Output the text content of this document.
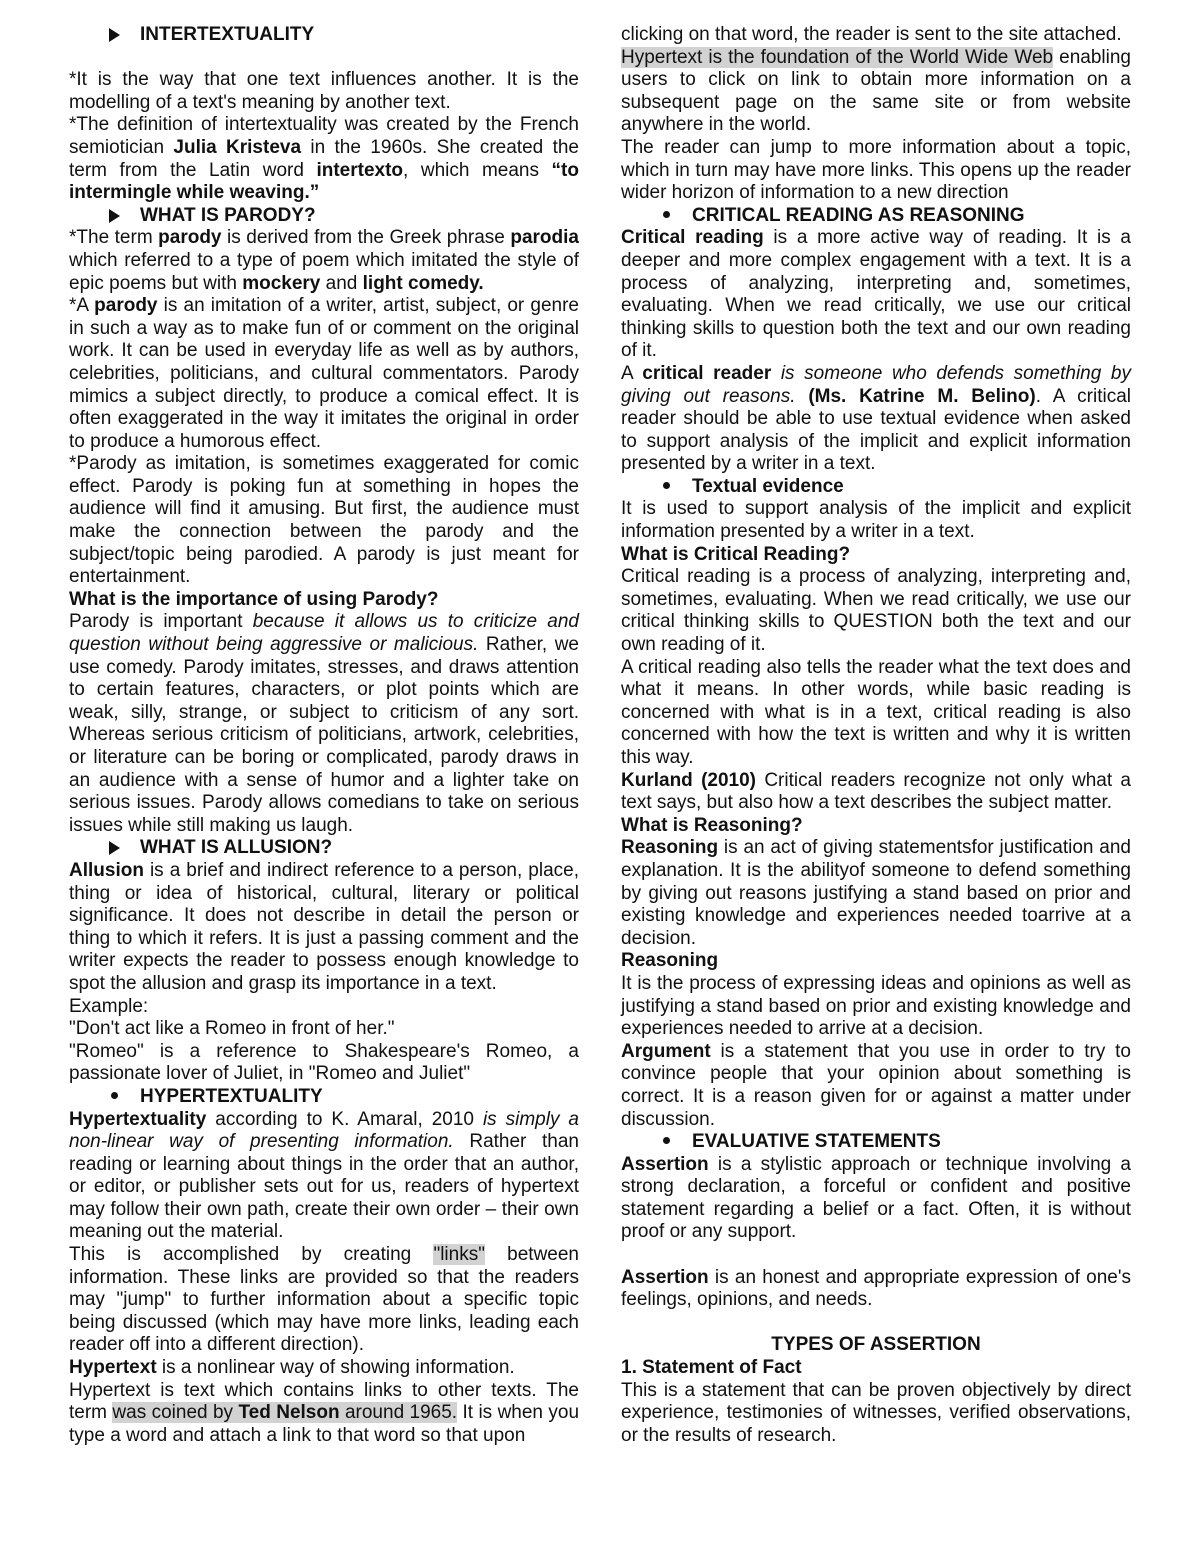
INTERTEXTUALITY

*It is the way that one text influences another. It is the modelling of a text's meaning by another text.

*The definition of intertextuality was created by the French semiotician Julia Kristeva in the 1960s. She created the term from the Latin word intertexto, which means “to intermingle while weaving.”

WHAT IS PARODY?

*The term parody is derived from the Greek phrase parodia which referred to a type of poem which imitated the style of epic poems but with mockery and light comedy.

*A parody is an imitation of a writer, artist, subject, or genre in such a way as to make fun of or comment on the original work. It can be used in everyday life as well as by authors, celebrities, politicians, and cultural commentators. Parody mimics a subject directly, to produce a comical effect. It is often exaggerated in the way it imitates the original in order to produce a humorous effect.

*Parody as imitation, is sometimes exaggerated for comic effect. Parody is poking fun at something in hopes the audience will find it amusing. But first, the audience must make the connection between the parody and the subject/topic being parodied. A parody is just meant for entertainment.

What is the importance of using Parody?

Parody is important because it allows us to criticize and question without being aggressive or malicious. Rather, we use comedy. Parody imitates, stresses, and draws attention to certain features, characters, or plot points which are weak, silly, strange, or subject to criticism of any sort. Whereas serious criticism of politicians, artwork, celebrities, or literature can be boring or complicated, parody draws in an audience with a sense of humor and a lighter take on serious issues. Parody allows comedians to take on serious issues while still making us laugh.

WHAT IS ALLUSION?

Allusion is a brief and indirect reference to a person, place, thing or idea of historical, cultural, literary or political significance. It does not describe in detail the person or thing to which it refers. It is just a passing comment and the writer expects the reader to possess enough knowledge to spot the allusion and grasp its importance in a text.

Example:

"Don't act like a Romeo in front of her."

"Romeo" is a reference to Shakespeare's Romeo, a passionate lover of Juliet, in "Romeo and Juliet"

HYPERTEXTUALITY

Hypertextuality according to K. Amaral, 2010 is simply a non-linear way of presenting information. Rather than reading or learning about things in the order that an author, or editor, or publisher sets out for us, readers of hypertext may follow their own path, create their own order – their own meaning out the material.

This is accomplished by creating "links" between information. These links are provided so that the readers may "jump" to further information about a specific topic being discussed (which may have more links, leading each reader off into a different direction).

Hypertext is a nonlinear way of showing information.

Hypertext is text which contains links to other texts. The term was coined by Ted Nelson around 1965. It is when you type a word and attach a link to that word so that upon

clicking on that word, the reader is sent to the site attached.

Hypertext is the foundation of the World Wide Web enabling users to click on link to obtain more information on a subsequent page on the same site or from website anywhere in the world.

The reader can jump to more information about a topic, which in turn may have more links. This opens up the reader wider horizon of information to a new direction

CRITICAL READING AS REASONING

Critical reading is a more active way of reading. It is a deeper and more complex engagement with a text. It is a process of analyzing, interpreting and, sometimes, evaluating. When we read critically, we use our critical thinking skills to question both the text and our own reading of it.

A critical reader is someone who defends something by giving out reasons. (Ms. Katrine M. Belino). A critical reader should be able to use textual evidence when asked to support analysis of the implicit and explicit information presented by a writer in a text.

Textual evidence

It is used to support analysis of the implicit and explicit information presented by a writer in a text.

What is Critical Reading?

Critical reading is a process of analyzing, interpreting and, sometimes, evaluating. When we read critically, we use our critical thinking skills to QUESTION both the text and our own reading of it.

A critical reading also tells the reader what the text does and what it means. In other words, while basic reading is concerned with what is in a text, critical reading is also concerned with how the text is written and why it is written this way.

Kurland (2010) Critical readers recognize not only what a text says, but also how a text describes the subject matter.

What is Reasoning?

Reasoning is an act of giving statementsfor justification and explanation. It is the abilityof someone to defend something by giving out reasons justifying a stand based on prior and existing knowledge and experiences needed toarrive at a decision.

Reasoning

It is the process of expressing ideas and opinions as well as justifying a stand based on prior and existing knowledge and experiences needed to arrive at a decision.

Argument is a statement that you use in order to try to convince people that your opinion about something is correct. It is a reason given for or against a matter under discussion.

EVALUATIVE STATEMENTS

Assertion is a stylistic approach or technique involving a strong declaration, a forceful or confident and positive statement regarding a belief or a fact. Often, it is without proof or any support.

Assertion is an honest and appropriate expression of one's feelings, opinions, and needs.

TYPES OF ASSERTION

1. Statement of Fact

This is a statement that can be proven objectively by direct experience, testimonies of witnesses, verified observations, or the results of research.
